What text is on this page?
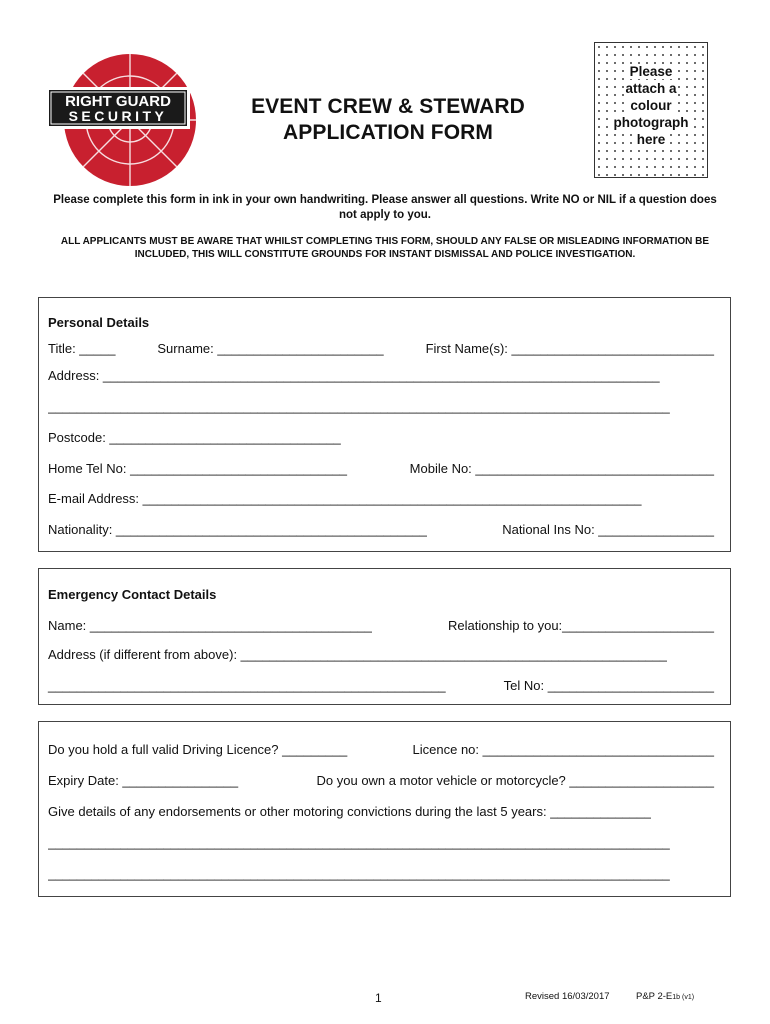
RIGHT GUARD
SECURITY	EVENT CREW & STEWARD
APPLICATION FORM
Please
attach a
colour
photograph
here
Please complete this form in ink in your own handwriting. Please answer all questions. Write NO or NIL if a question does not apply to you.
ALL APPLICANTS MUST BE AWARE THAT WHILST COMPLETING THIS FORM, SHOULD ANY FALSE OR MISLEADING INFORMATION BE INCLUDED, THIS WILL CONSTITUTE GROUNDS FOR INSTANT DISMISSAL AND POLICE INVESTIGATION.
Personal Details
Title: _____	Surname: _______________________	First Name(s): ____________________________
Address: _____________________________________________________________________________
______________________________________________________________________________________
Postcode: ________________________________
Home Tel No: ______________________________	Mobile No: _________________________________
E-mail Address: _____________________________________________________________________
Nationality: ___________________________________________	National Ins No: ________________
Emergency Contact Details
Name: _______________________________________	Relationship to you:_____________________
Address (if different from above): ___________________________________________________________
_______________________________________________________	Tel No: _______________________
Do you hold a full valid Driving Licence? _________	Licence no: ________________________________
Expiry Date: ________________	Do you own a motor vehicle or motorcycle? ____________________
Give details of any endorsements or other motoring convictions during the last 5 years: ______________
______________________________________________________________________________________
______________________________________________________________________________________
1	Revised 16/03/2017	P&P 2-E1b (v1)
